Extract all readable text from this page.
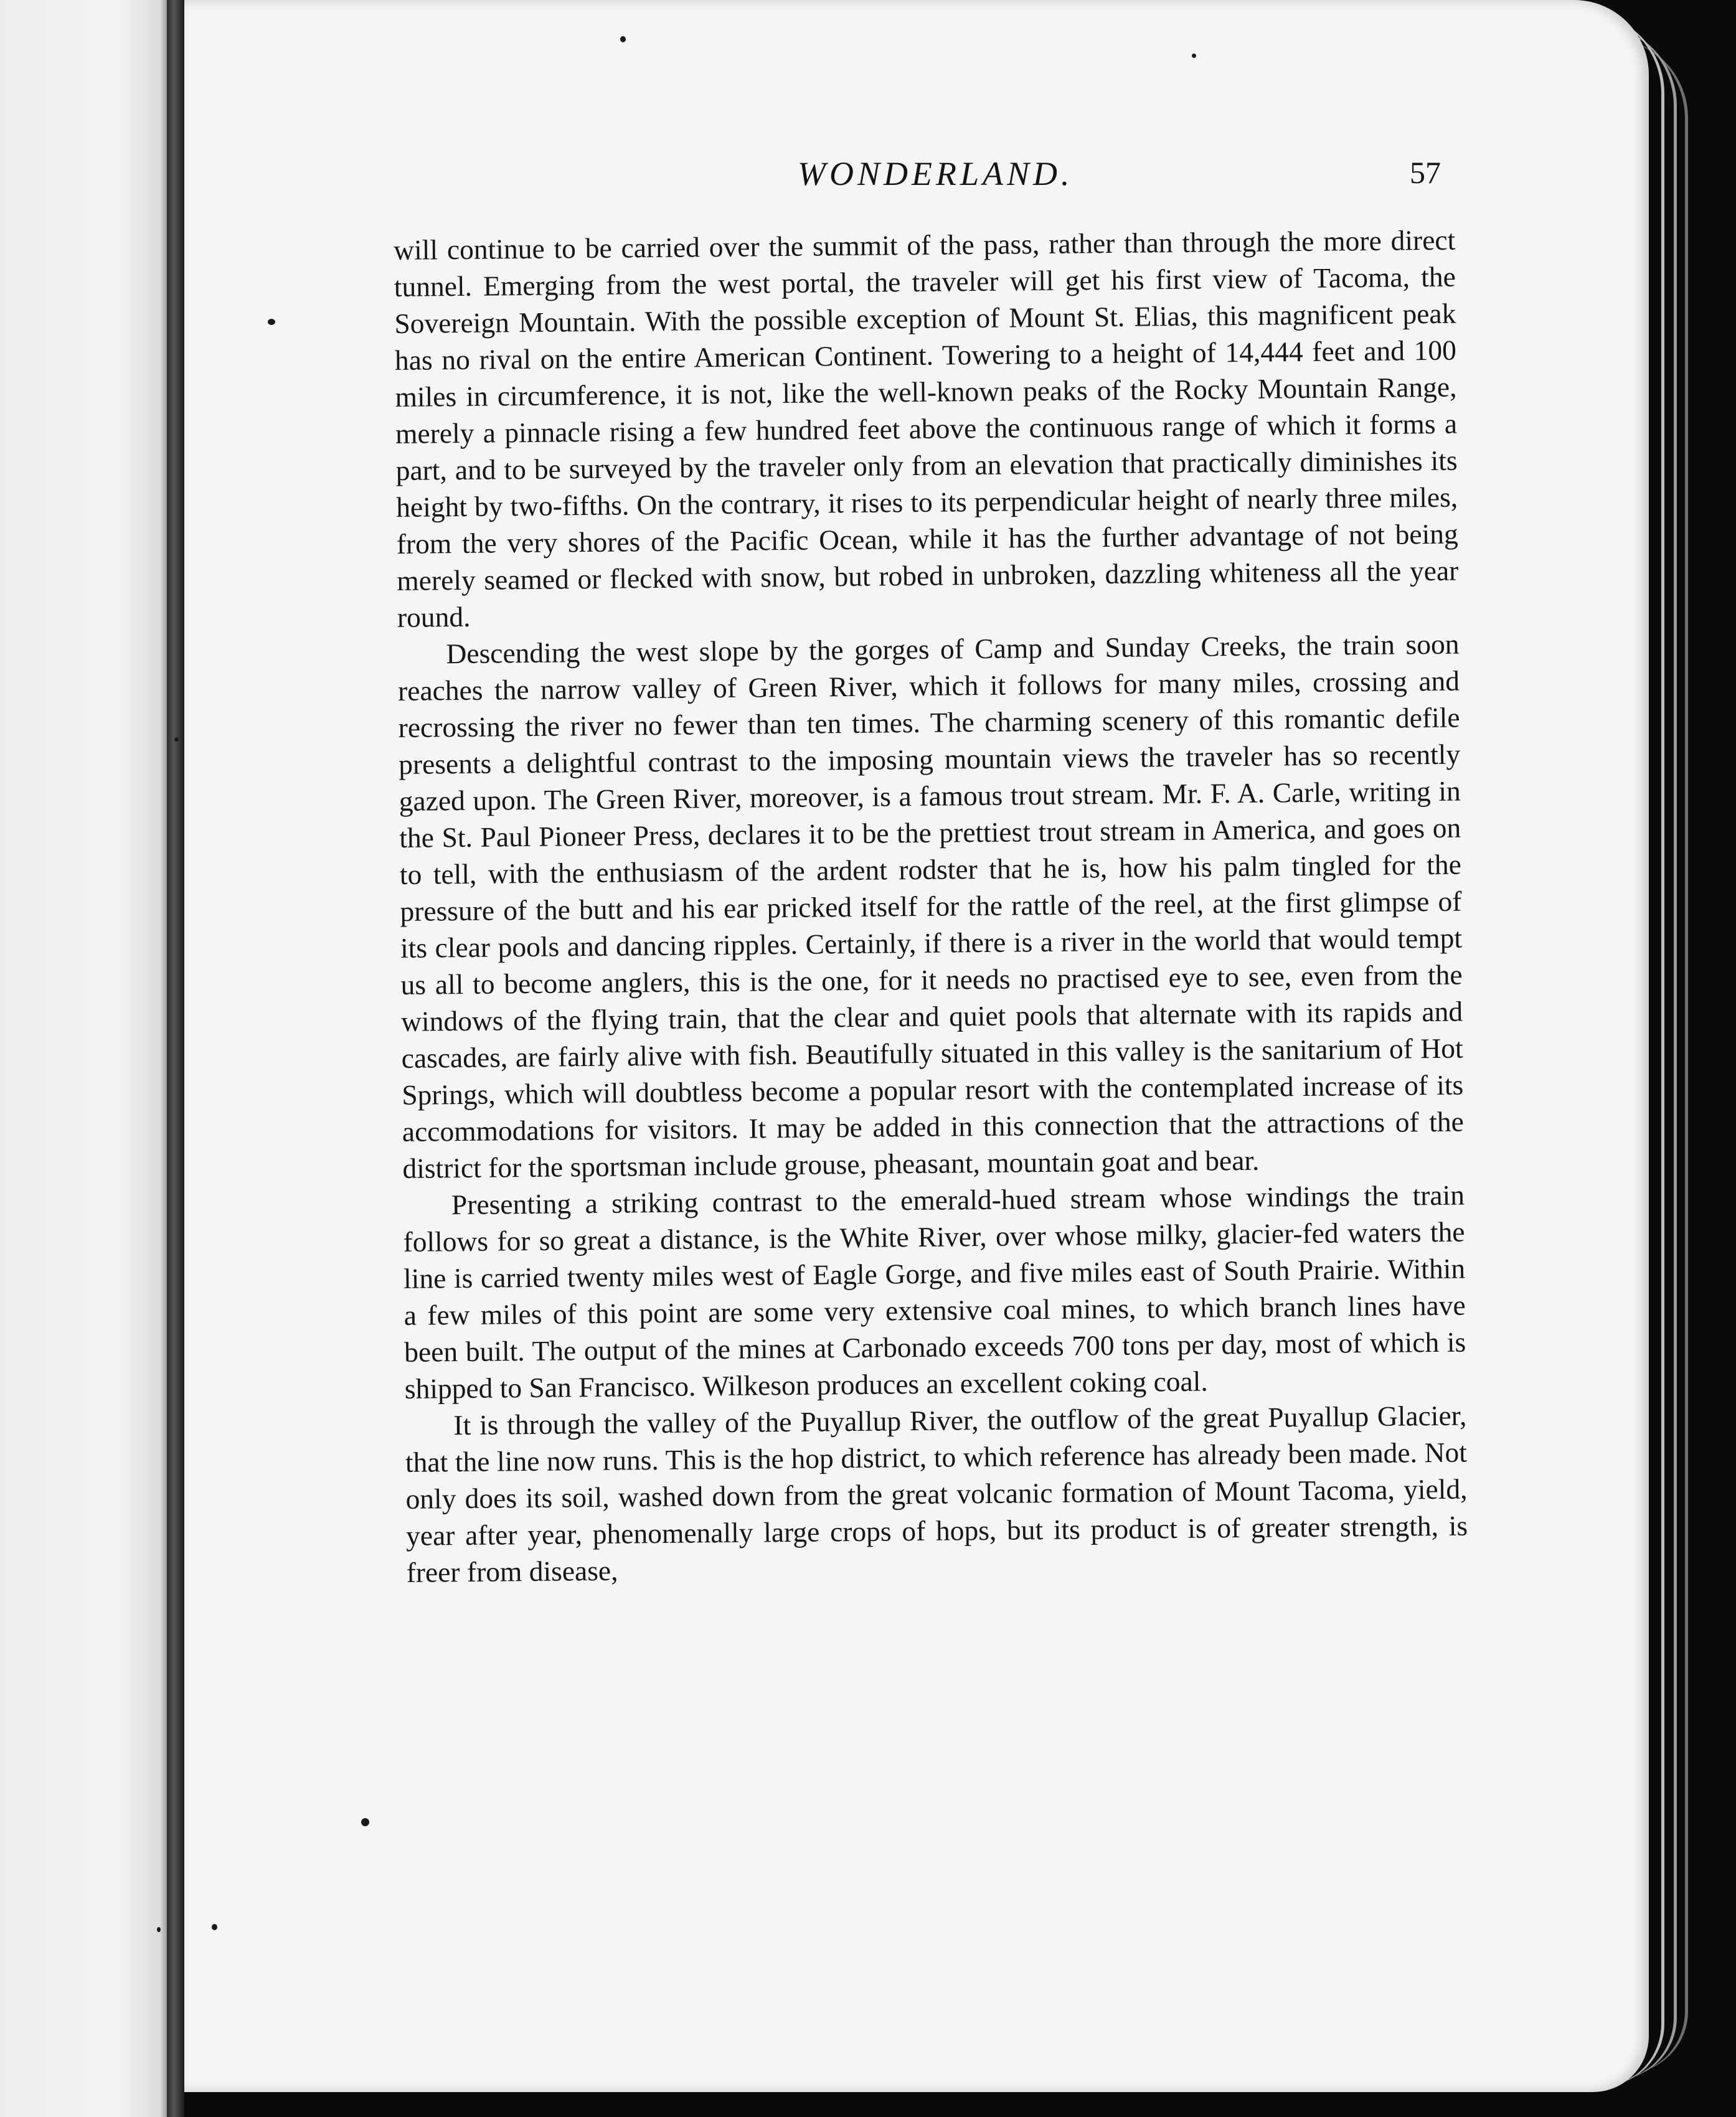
WONDERLAND.	57

will continue to be carried over the summit of the pass, rather than through the more direct tunnel. Emerging from the west portal, the traveler will get his first view of Tacoma, the Sovereign Mountain. With the possible exception of Mount St. Elias, this magnificent peak has no rival on the entire American Continent. Towering to a height of 14,444 feet and 100 miles in circumference, it is not, like the well-known peaks of the Rocky Mountain Range, merely a pinnacle rising a few hundred feet above the continuous range of which it forms a part, and to be surveyed by the traveler only from an elevation that practically diminishes its height by two-fifths. On the contrary, it rises to its perpendicular height of nearly three miles, from the very shores of the Pacific Ocean, while it has the further advantage of not being merely seamed or flecked with snow, but robed in unbroken, dazzling whiteness all the year round.

Descending the west slope by the gorges of Camp and Sunday Creeks, the train soon reaches the narrow valley of Green River, which it follows for many miles, crossing and recrossing the river no fewer than ten times. The charming scenery of this romantic defile presents a delightful contrast to the imposing mountain views the traveler has so recently gazed upon. The Green River, moreover, is a famous trout stream. Mr. F. A. Carle, writing in the St. Paul Pioneer Press, declares it to be the prettiest trout stream in America, and goes on to tell, with the enthusiasm of the ardent rodster that he is, how his palm tingled for the pressure of the butt and his ear pricked itself for the rattle of the reel, at the first glimpse of its clear pools and dancing ripples. Certainly, if there is a river in the world that would tempt us all to become anglers, this is the one, for it needs no practised eye to see, even from the windows of the flying train, that the clear and quiet pools that alternate with its rapids and cascades, are fairly alive with fish. Beautifully situated in this valley is the sanitarium of Hot Springs, which will doubtless become a popular resort with the contemplated increase of its accommodations for visitors. It may be added in this connection that the attractions of the district for the sportsman include grouse, pheasant, mountain goat and bear.

Presenting a striking contrast to the emerald-hued stream whose windings the train follows for so great a distance, is the White River, over whose milky, glacier-fed waters the line is carried twenty miles west of Eagle Gorge, and five miles east of South Prairie. Within a few miles of this point are some very extensive coal mines, to which branch lines have been built. The output of the mines at Carbonado exceeds 700 tons per day, most of which is shipped to San Francisco. Wilkeson produces an excellent coking coal.

It is through the valley of the Puyallup River, the outflow of the great Puyallup Glacier, that the line now runs. This is the hop district, to which reference has already been made. Not only does its soil, washed down from the great volcanic formation of Mount Tacoma, yield, year after year, phenomenally large crops of hops, but its product is of greater strength, is freer from disease,
